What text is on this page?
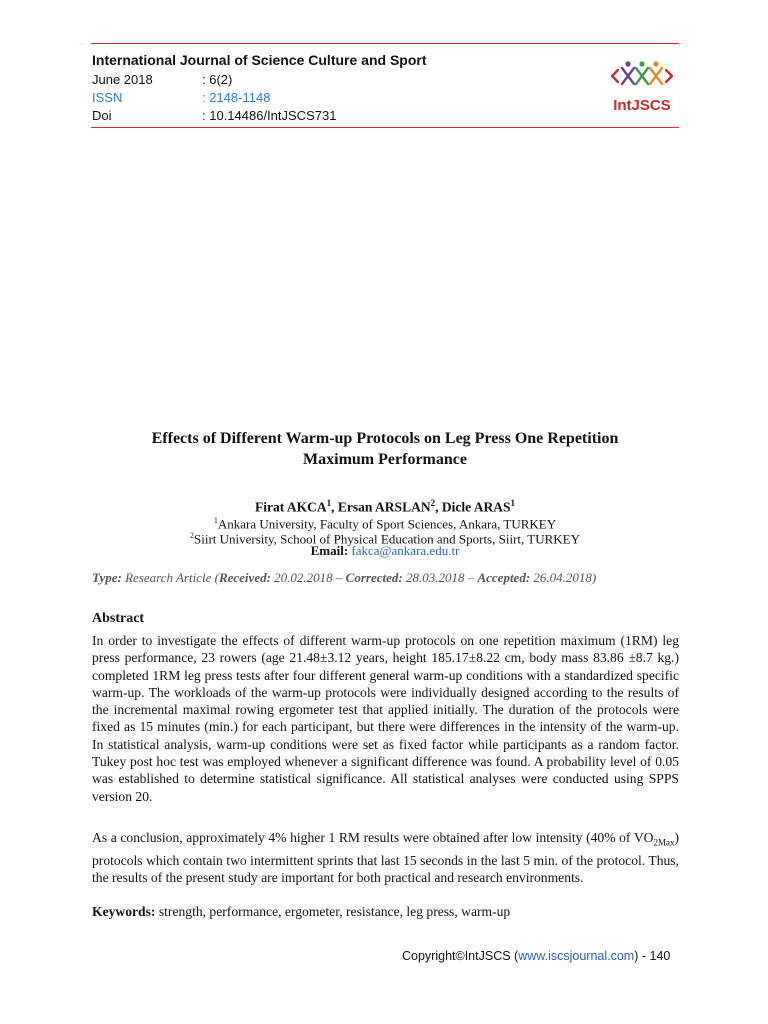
International Journal of Science Culture and Sport
June 2018	: 6(2)
ISSN	: 2148-1148
Doi	: 10.14486/IntJSCS731
IntJSCS
Effects of Different Warm-up Protocols on Leg Press One Repetition
Maximum Performance
Firat AKCA$^1$, Ersan ARSLAN$^2$, Dicle ARAS$^1$
$^1$Ankara University, Faculty of Sport Sciences, Ankara, TURKEY
$^2$Siirt University, School of Physical Education and Sports, Siirt, TURKEY
Email: fakca@ankara.edu.tr
Type: Research Article (Received: 20.02.2018 – Corrected: 28.03.2018 – Accepted: 26.04.2018)
Abstract
In order to investigate the effects of different warm-up protocols on one repetition maximum (1RM) leg press performance, 23 rowers (age 21.48±3.12 years, height 185.17±8.22 cm, body mass 83.86 ±8.7 kg.) completed 1RM leg press tests after four different general warm-up conditions with a standardized specific warm-up. The workloads of the warm-up protocols were individually designed according to the results of the incremental maximal rowing ergometer test that applied initially. The duration of the protocols were fixed as 15 minutes (min.) for each participant, but there were differences in the intensity of the warm-up. In statistical analysis, warm-up conditions were set as fixed factor while participants as a random factor. Tukey post hoc test was employed whenever a significant difference was found. A probability level of 0.05 was established to determine statistical significance. All statistical analyses were conducted using SPPS version 20.
As a conclusion, approximately 4% higher 1 RM results were obtained after low intensity (40% of $VO_{2Max}$) protocols which contain two intermittent sprints that last 15 seconds in the last 5 min. of the protocol. Thus, the results of the present study are important for both practical and research environments.
Keywords: strength, performance, ergometer, resistance, leg press, warm-up
Copyright©IntJSCS (www.iscsjournal.com) - 140
